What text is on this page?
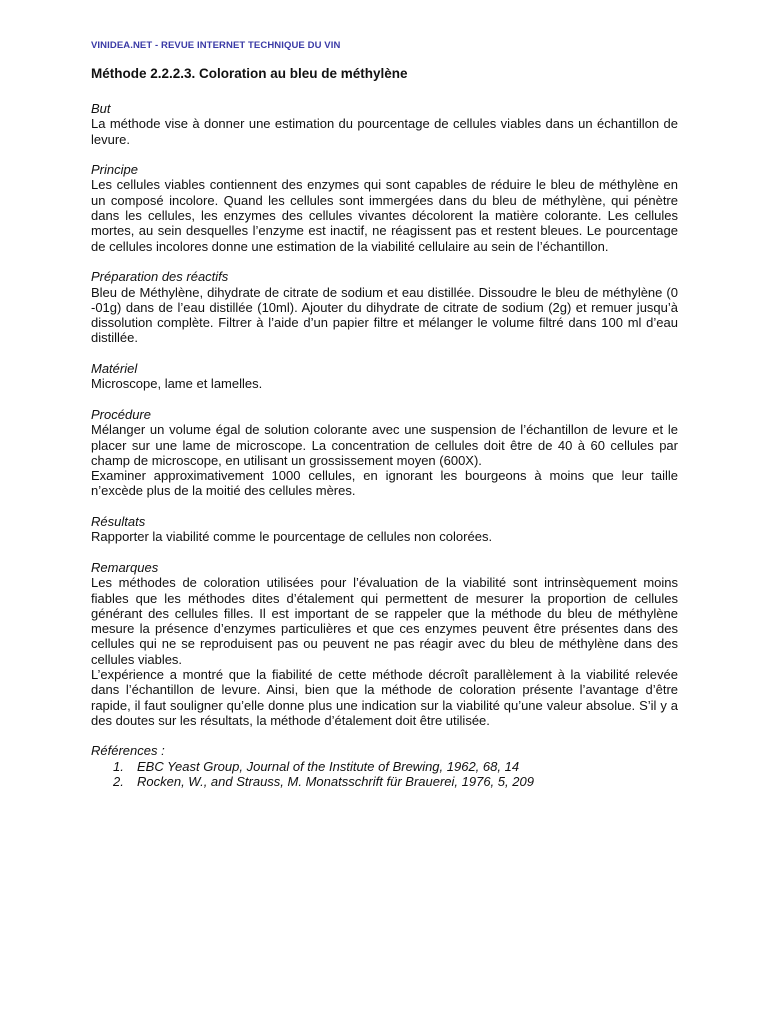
VINIDEA.NET - REVUE INTERNET TECHNIQUE DU VIN
Méthode 2.2.2.3. Coloration au bleu de méthylène
But

La méthode vise à donner une estimation du pourcentage de cellules viables dans un échantillon de levure.

Principe

Les cellules viables contiennent des enzymes qui sont capables de réduire le bleu de méthylène en un composé incolore. Quand les cellules sont immergées dans du bleu de méthylène, qui pénètre dans les cellules, les enzymes des cellules vivantes décolorent la matière colorante. Les cellules mortes, au sein desquelles l’enzyme est inactif, ne réagissent pas et restent bleues. Le pourcentage de cellules incolores donne une estimation de la viabilité cellulaire au sein de l’échantillon.

Préparation des réactifs

Bleu de Méthylène, dihydrate de citrate de sodium et eau distillée. Dissoudre le bleu de méthylène (0 -01g) dans de l’eau distillée (10ml). Ajouter du dihydrate de citrate de sodium (2g) et remuer jusqu’à dissolution complète. Filtrer à l’aide d’un papier filtre et mélanger le volume filtré dans 100 ml d’eau distillée.

Matériel

Microscope, lame et lamelles.

Procédure

Mélanger un volume égal de solution colorante avec une suspension de l’échantillon de levure et le placer sur une lame de microscope. La concentration de cellules doit être de 40 à 60 cellules par champ de microscope, en utilisant un grossissement moyen (600X).

Examiner approximativement 1000 cellules, en ignorant les bourgeons à moins que leur taille n’excède plus de la moitié des cellules mères.

Résultats

Rapporter la viabilité comme le pourcentage de cellules non colorées.

Remarques

Les méthodes de coloration utilisées pour l’évaluation de la viabilité sont intrinsèquement moins fiables que les méthodes dites d’étalement qui permettent de mesurer la proportion de cellules générant des cellules filles. Il est important de se rappeler que la méthode du bleu de méthylène mesure la présence d’enzymes particulières et que ces enzymes peuvent être présentes dans des cellules qui ne se reproduisent pas ou peuvent ne pas réagir avec du bleu de méthylène dans des cellules viables.

L’expérience a montré que la fiabilité de cette méthode décroît parallèlement à la viabilité relevée dans l’échantillon de levure. Ainsi, bien que la méthode de coloration présente l’avantage d’être rapide, il faut souligner qu’elle donne plus une indication sur la viabilité qu’une valeur absolue. S’il y a des doutes sur les résultats, la méthode d’étalement doit être utilisée.

Références :
1.	EBC Yeast Group, Journal of the Institute of Brewing, 1962, 68, 14
2.	Rocken, W., and Strauss, M. Monatsschrift für Brauerei, 1976, 5, 209
